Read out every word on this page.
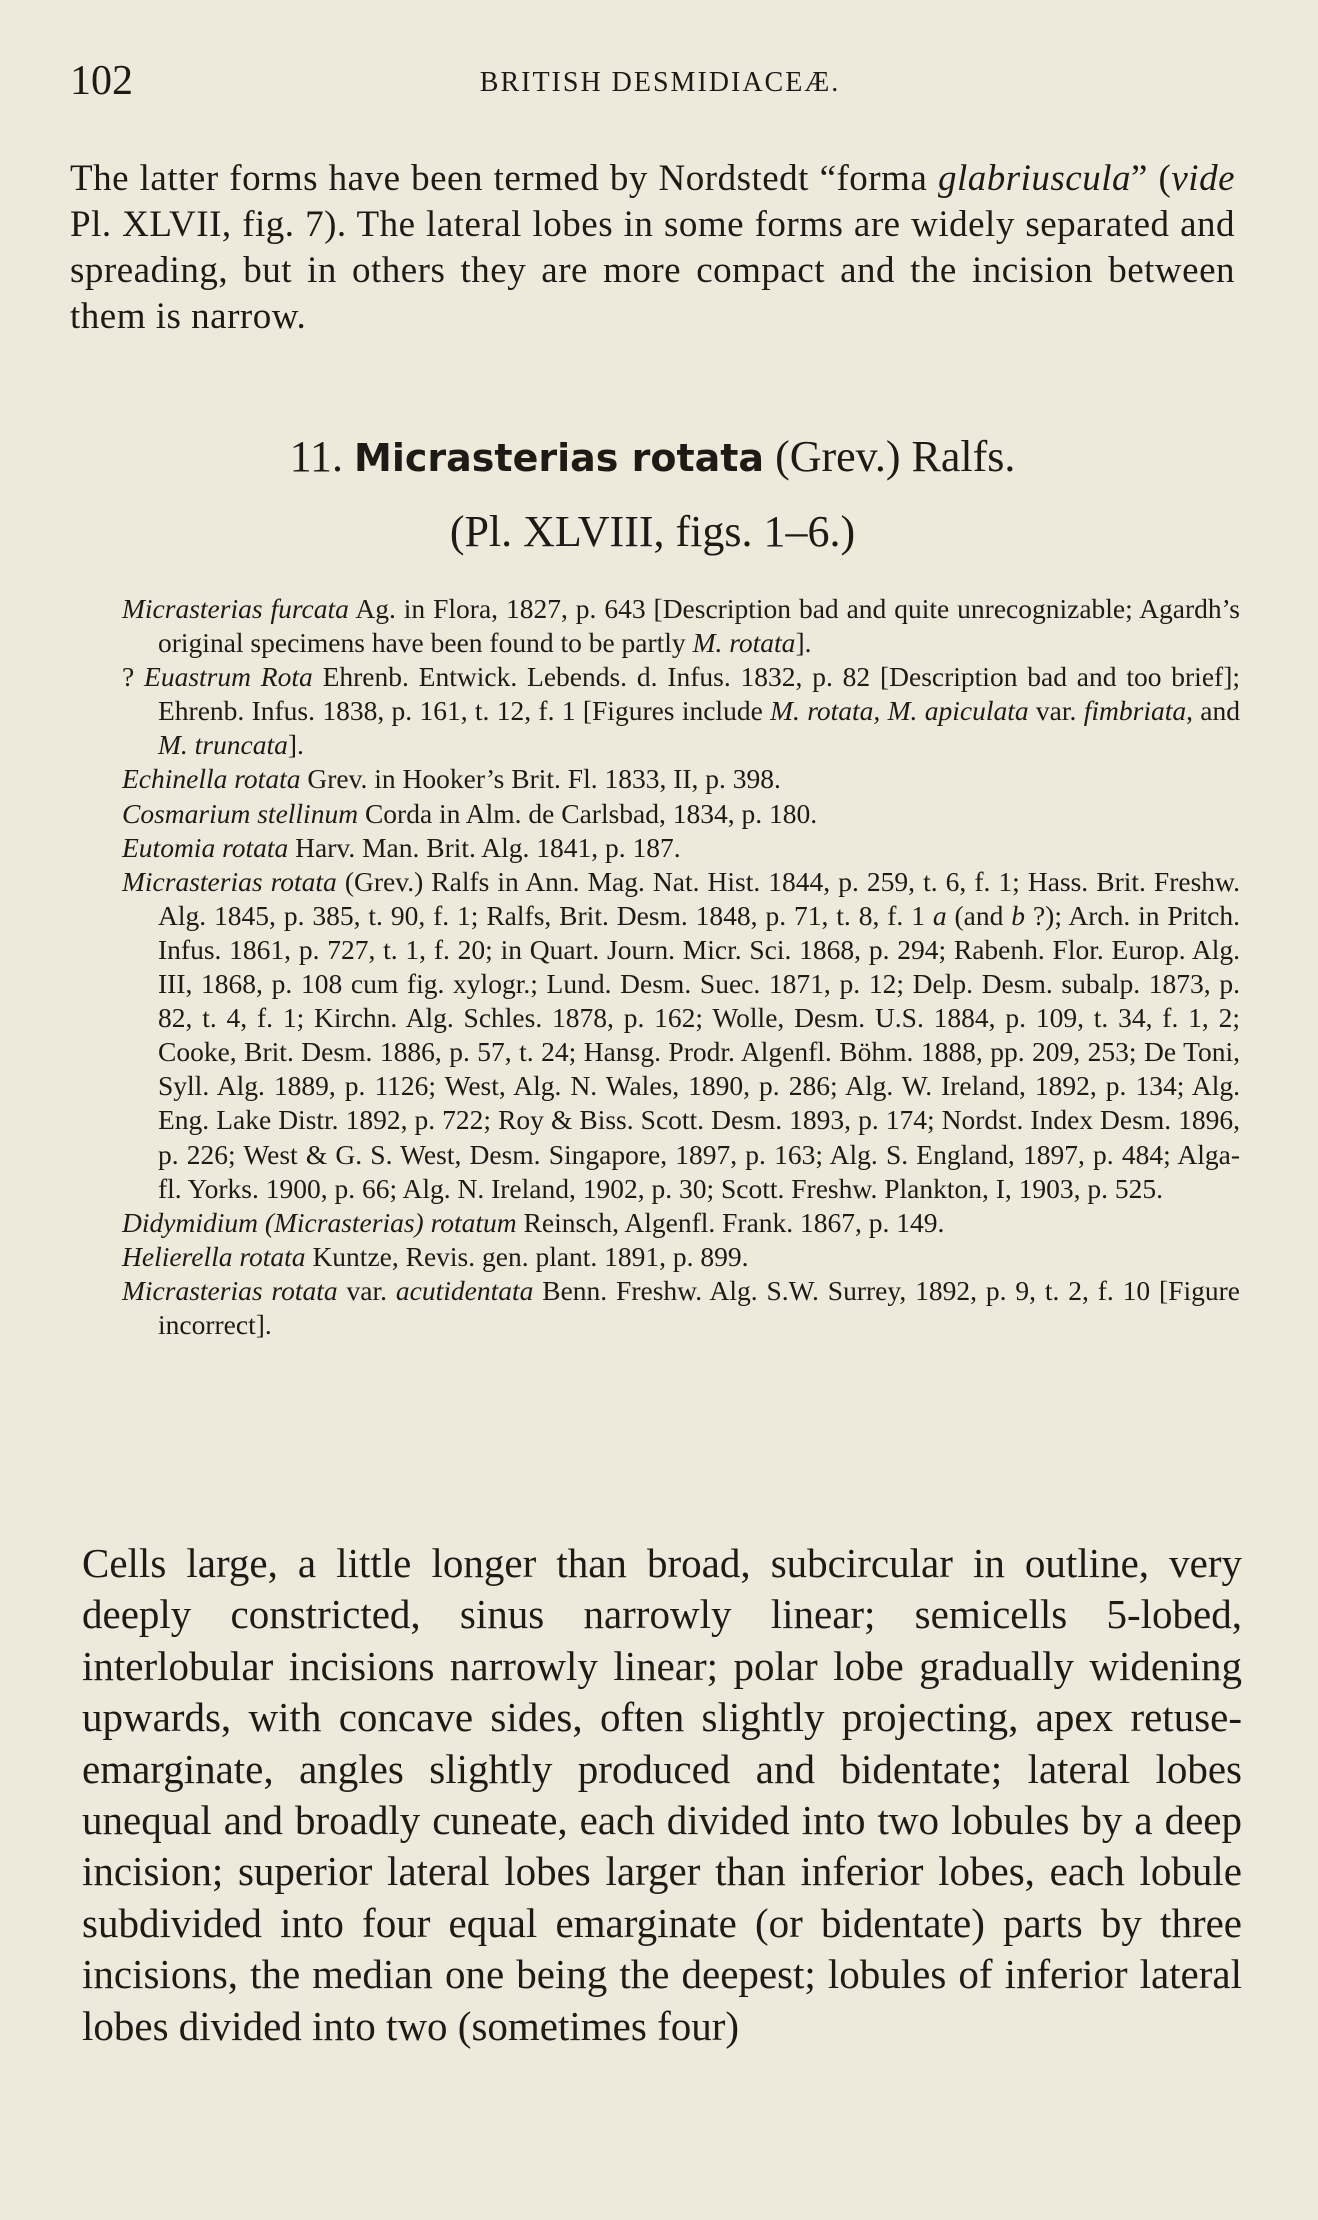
102	BRITISH DESMIDIACEÆ.

The latter forms have been termed by Nordstedt “forma glabriuscula” (vide Pl. XLVII, fig. 7). The lateral lobes in some forms are widely separated and spreading, but in others they are more compact and the incision between them is narrow.

11. Micrasterias rotata (Grev.) Ralfs.
(Pl. XLVIII, figs. 1–6.)
Micrasterias furcata Ag. in Flora, 1827, p. 643 [Description bad and quite unrecognizable; Agardh’s original specimens have been found to be partly M. rotata].
? Euastrum Rota Ehrenb. Entwick. Lebends. d. Infus. 1832, p. 82 [Description bad and too brief]; Ehrenb. Infus. 1838, p. 161, t. 12, f. 1 [Figures include M. rotata, M. apiculata var. fimbriata, and M. truncata].
Echinella rotata Grev. in Hooker’s Brit. Fl. 1833, II, p. 398.
Cosmarium stellinum Corda in Alm. de Carlsbad, 1834, p. 180.
Eutomia rotata Harv. Man. Brit. Alg. 1841, p. 187.
Micrasterias rotata (Grev.) Ralfs in Ann. Mag. Nat. Hist. 1844, p. 259, t. 6, f. 1; Hass. Brit. Freshw. Alg. 1845, p. 385, t. 90, f. 1; Ralfs, Brit. Desm. 1848, p. 71, t. 8, f. 1 a (and b ?); Arch. in Pritch. Infus. 1861, p. 727, t. 1, f. 20; in Quart. Journ. Micr. Sci. 1868, p. 294; Rabenh. Flor. Europ. Alg. III, 1868, p. 108 cum fig. xylogr.; Lund. Desm. Suec. 1871, p. 12; Delp. Desm. subalp. 1873, p. 82, t. 4, f. 1; Kirchn. Alg. Schles. 1878, p. 162; Wolle, Desm. U.S. 1884, p. 109, t. 34, f. 1, 2; Cooke, Brit. Desm. 1886, p. 57, t. 24; Hansg. Prodr. Algenfl. Böhm. 1888, pp. 209, 253; De Toni, Syll. Alg. 1889, p. 1126; West, Alg. N. Wales, 1890, p. 286; Alg. W. Ireland, 1892, p. 134; Alg. Eng. Lake Distr. 1892, p. 722; Roy & Biss. Scott. Desm. 1893, p. 174; Nordst. Index Desm. 1896, p. 226; West & G. S. West, Desm. Singapore, 1897, p. 163; Alg. S. England, 1897, p. 484; Alga-fl. Yorks. 1900, p. 66; Alg. N. Ireland, 1902, p. 30; Scott. Freshw. Plankton, I, 1903, p. 525.
Didymidium (Micrasterias) rotatum Reinsch, Algenfl. Frank. 1867, p. 149.
Helierella rotata Kuntze, Revis. gen. plant. 1891, p. 899.
Micrasterias rotata var. acutidentata Benn. Freshw. Alg. S.W. Surrey, 1892, p. 9, t. 2, f. 10 [Figure incorrect].

Cells large, a little longer than broad, subcircular in outline, very deeply constricted, sinus narrowly linear; semicells 5-lobed, interlobular incisions narrowly linear; polar lobe gradually widening upwards, with concave sides, often slightly projecting, apex retuse-emarginate, angles slightly produced and bidentate; lateral lobes unequal and broadly cuneate, each divided into two lobules by a deep incision; superior lateral lobes larger than inferior lobes, each lobule subdivided into four equal emarginate (or bidentate) parts by three incisions, the median one being the deepest; lobules of inferior lateral lobes divided into two (sometimes four)
